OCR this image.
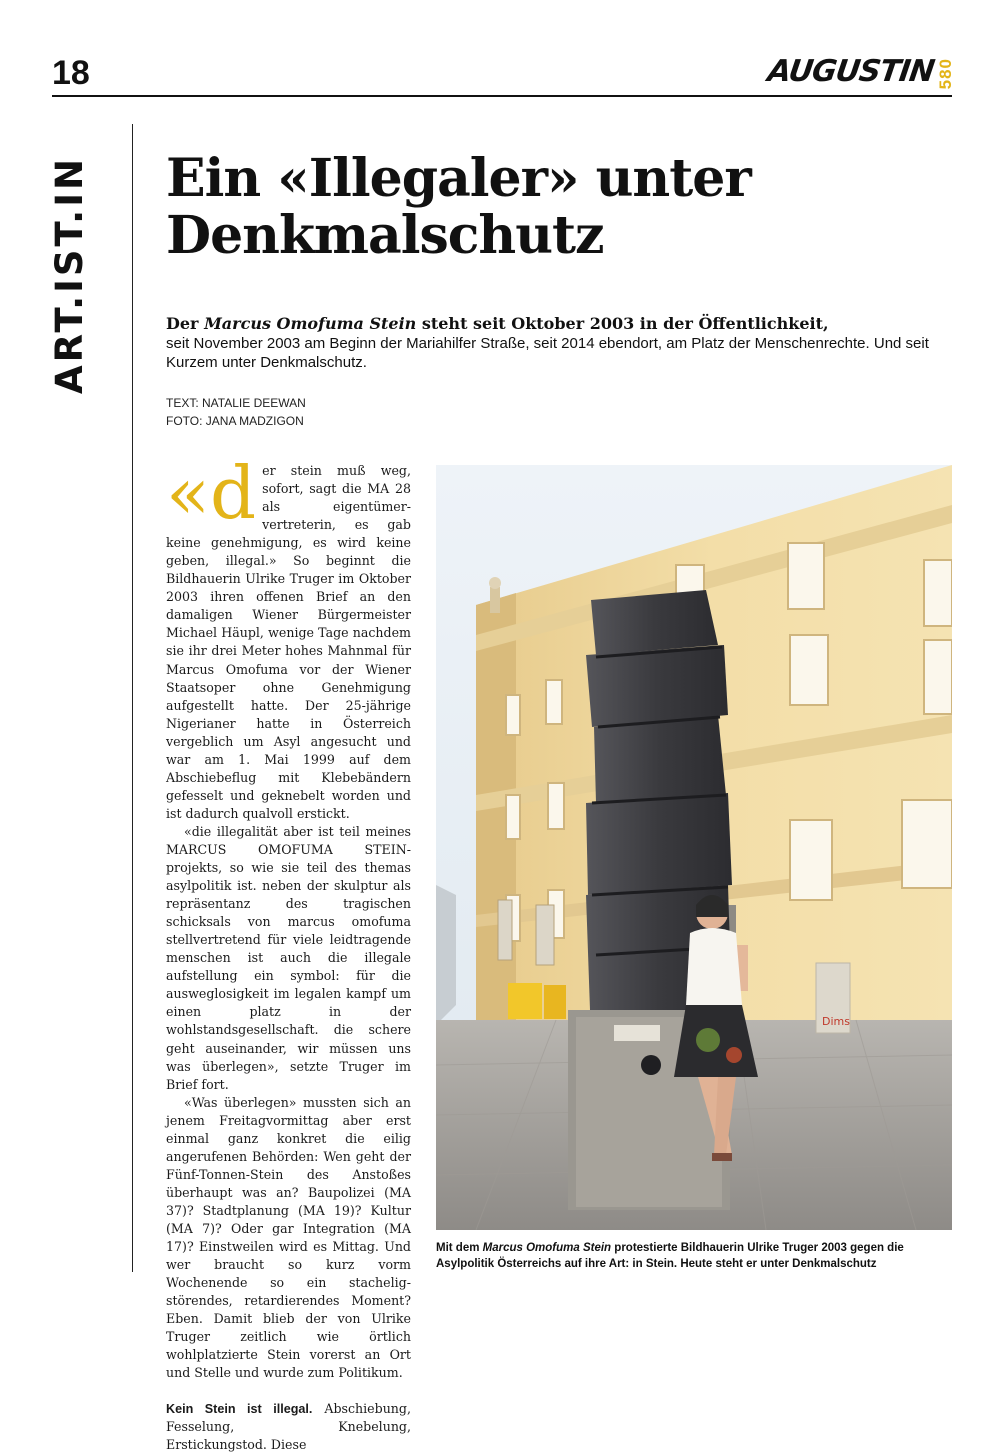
18	AUGUSTIN 580
ART.IST.IN Ein «Illegaler» unter Denkmalschutz
Der Marcus Omofuma Stein steht seit Oktober 2003 in der Öffentlichkeit,
seit November 2003 am Beginn der Mariahilfer Straße, seit 2014 ebendort, am Platz der Menschenrechte. Und seit Kurzem unter Denkmalschutz.
TEXT: NATALIE DEEWAN
FOTO: JANA MADZIGON

«der stein muß weg, sofort, sagt die MA 28 als eigentümer-vertreterin, es gab keine genehmigung, es wird keine geben, illegal.» So beginnt die Bildhauerin Ulrike Truger im Oktober 2003 ihren offenen Brief an den damaligen Wiener Bürgermeister Michael Häupl, wenige Tage nachdem sie ihr drei Meter hohes Mahnmal für Marcus Omofuma vor der Wiener Staatsoper ohne Genehmigung aufgestellt hatte. Der 25-jährige Nigerianer hatte in Österreich vergeblich um Asyl angesucht und war am 1. Mai 1999 auf dem Abschiebeflug mit Klebebändern gefesselt und geknebelt worden und ist dadurch qualvoll erstickt.

«die illegalität aber ist teil meines MARCUS OMOFUMA STEIN-projekts, so wie sie teil des themas asylpolitik ist. neben der skulptur als repräsentanz des tragischen schicksals von marcus omofuma stellvertretend für viele leidtragende menschen ist auch die illegale aufstellung ein symbol: für die ausweglosigkeit im legalen kampf um einen platz in der wohlstandsgesellschaft. die schere geht auseinander, wir müssen uns was überlegen», setzte Truger im Brief fort.

«Was überlegen» mussten sich an jenem Freitagvormittag aber erst einmal ganz konkret die eilig angerufenen Behörden: Wen geht der Fünf-Tonnen-Stein des Anstoßes überhaupt was an? Baupolizei (MA 37)? Stadtplanung (MA 19)? Kultur (MA 7)? Oder gar Integration (MA 17)? Einstweilen wird es Mittag. Und wer braucht so kurz vorm Wochenende so ein stachelig-störendes, retardierendes Moment? Eben. Damit blieb der von Ulrike Truger zeitlich wie örtlich wohlplatzierte Stein vorerst an Ort und Stelle und wurde zum Politikum.

Kein Stein ist illegal. Abschiebung, Fesselung, Knebelung, Erstickungstod. Diese

Dims
Mit dem Marcus Omofuma Stein protestierte Bildhauerin Ulrike Truger 2003 gegen die Asylpolitik Österreichs auf ihre Art: in Stein. Heute steht er unter Denkmalschutz
